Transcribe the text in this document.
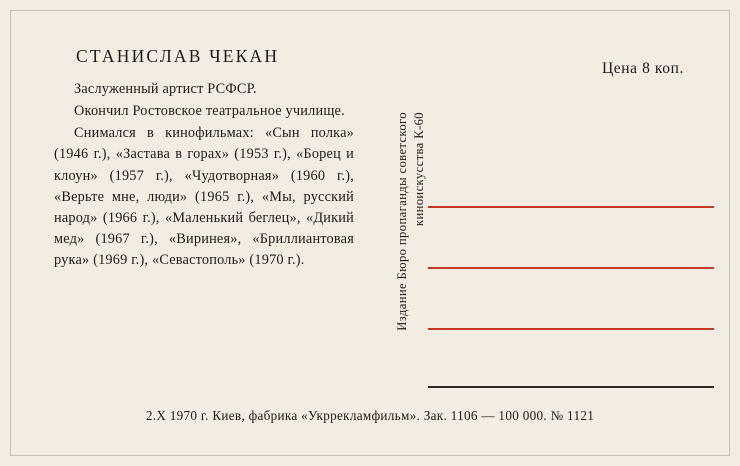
СТАНИСЛАВ ЧЕКАН

Заслуженный артист РСФСР.

Окончил Ростовское театральное училище.

Снимался в кинофильмах: «Сын полка» (1946 г.), «Застава в горах» (1953 г.), «Борец и клоун» (1957 г.), «Чудотворная» (1960 г.), «Верьте мне, люди» (1965 г.), «Мы, русский народ» (1966 г.), «Маленький беглец», «Дикий мед» (1967 г.), «Виринея», «Бриллиантовая рука» (1969 г.), «Севастополь» (1970 г.).

Цена 8 коп.
Издание Бюро пропаганды советского киноискусства К-60
2.X 1970 г. Киев, фабрика «Укррекламфильм». Зак. 1106 — 100 000. № 1121
